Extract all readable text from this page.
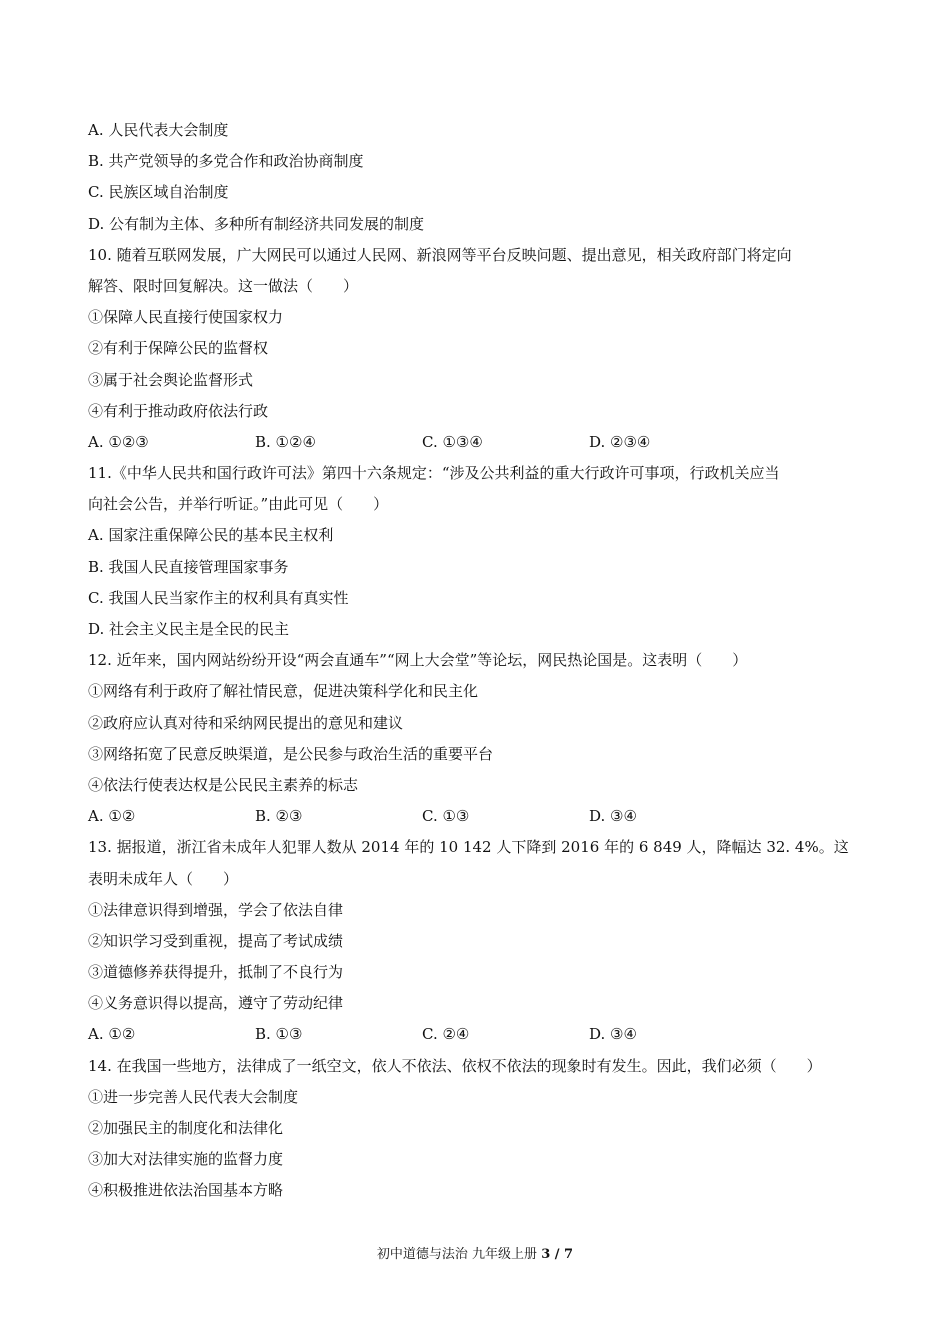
A. 人民代表大会制度
B. 共产党领导的多党合作和政治协商制度
C. 民族区域自治制度
D. 公有制为主体、多种所有制经济共同发展的制度
10. 随着互联网发展，广大网民可以通过人民网、新浪网等平台反映问题、提出意见，相关政府部门将定向
解答、限时回复解决。这一做法（　　）
①保障人民直接行使国家权力
②有利于保障公民的监督权
③属于社会舆论监督形式
④有利于推动政府依法行政
A. ①②③	B. ①②④	C. ①③④	D. ②③④
11.《中华人民共和国行政许可法》第四十六条规定：“涉及公共利益的重大行政许可事项，行政机关应当
向社会公告，并举行听证。”由此可见（　　）
A. 国家注重保障公民的基本民主权利
B. 我国人民直接管理国家事务
C. 我国人民当家作主的权利具有真实性
D. 社会主义民主是全民的民主
12. 近年来，国内网站纷纷开设“两会直通车”“网上大会堂”等论坛，网民热论国是。这表明（　　）
①网络有利于政府了解社情民意，促进决策科学化和民主化
②政府应认真对待和采纳网民提出的意见和建议
③网络拓宽了民意反映渠道，是公民参与政治生活的重要平台
④依法行使表达权是公民民主素养的标志
A. ①②	B. ②③	C. ①③	D. ③④
13. 据报道，浙江省未成年人犯罪人数从 2014 年的 10 142 人下降到 2016 年的 6 849 人，降幅达 32. 4%。这
表明未成年人（　　）
①法律意识得到增强，学会了依法自律
②知识学习受到重视，提高了考试成绩
③道德修养获得提升，抵制了不良行为
④义务意识得以提高，遵守了劳动纪律
A. ①②	B. ①③	C. ②④	D. ③④
14. 在我国一些地方，法律成了一纸空文，依人不依法、依权不依法的现象时有发生。因此，我们必须（　　）
①进一步完善人民代表大会制度
②加强民主的制度化和法律化
③加大对法律实施的监督力度
④积极推进依法治国基本方略
初中道德与法治 九年级上册 3 / 7
